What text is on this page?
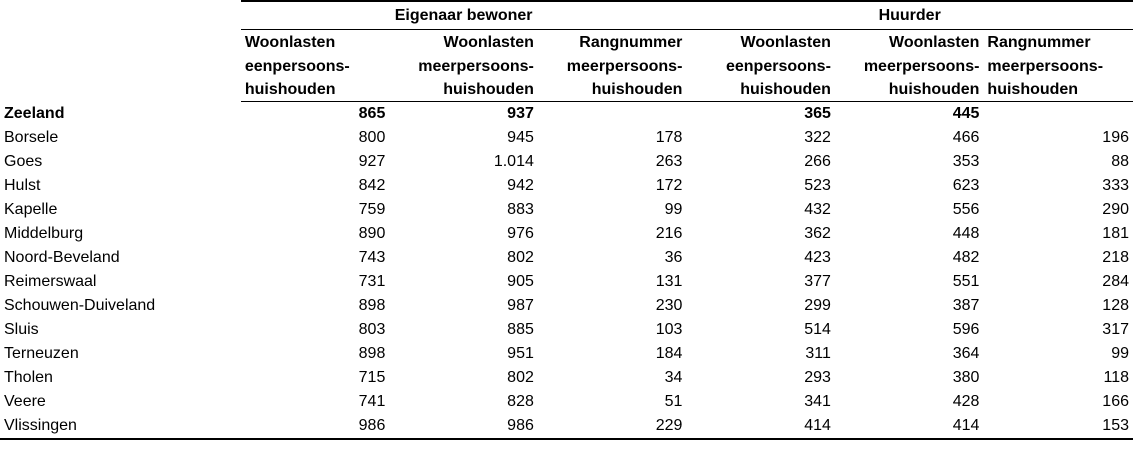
	Eigenaar bewoner			Huurder		
	Woonlasten	Woonlasten	Rangnummer	Woonlasten	Woonlasten	Rangnummer
	eenpersoons-	meerpersoons-	meerpersoons-	eenpersoons-	meerpersoons-	meerpersoons-
	huishouden	huishouden	huishouden	huishouden	huishouden	huishouden
Zeeland	865	937		365	445	
Borsele	800	945	178	322	466	196
Goes	927	1.014	263	266	353	88
Hulst	842	942	172	523	623	333
Kapelle	759	883	99	432	556	290
Middelburg	890	976	216	362	448	181
Noord-Beveland	743	802	36	423	482	218
Reimerswaal	731	905	131	377	551	284
Schouwen-Duiveland	898	987	230	299	387	128
Sluis	803	885	103	514	596	317
Terneuzen	898	951	184	311	364	99
Tholen	715	802	34	293	380	118
Veere	741	828	51	341	428	166
Vlissingen	986	986	229	414	414	153
